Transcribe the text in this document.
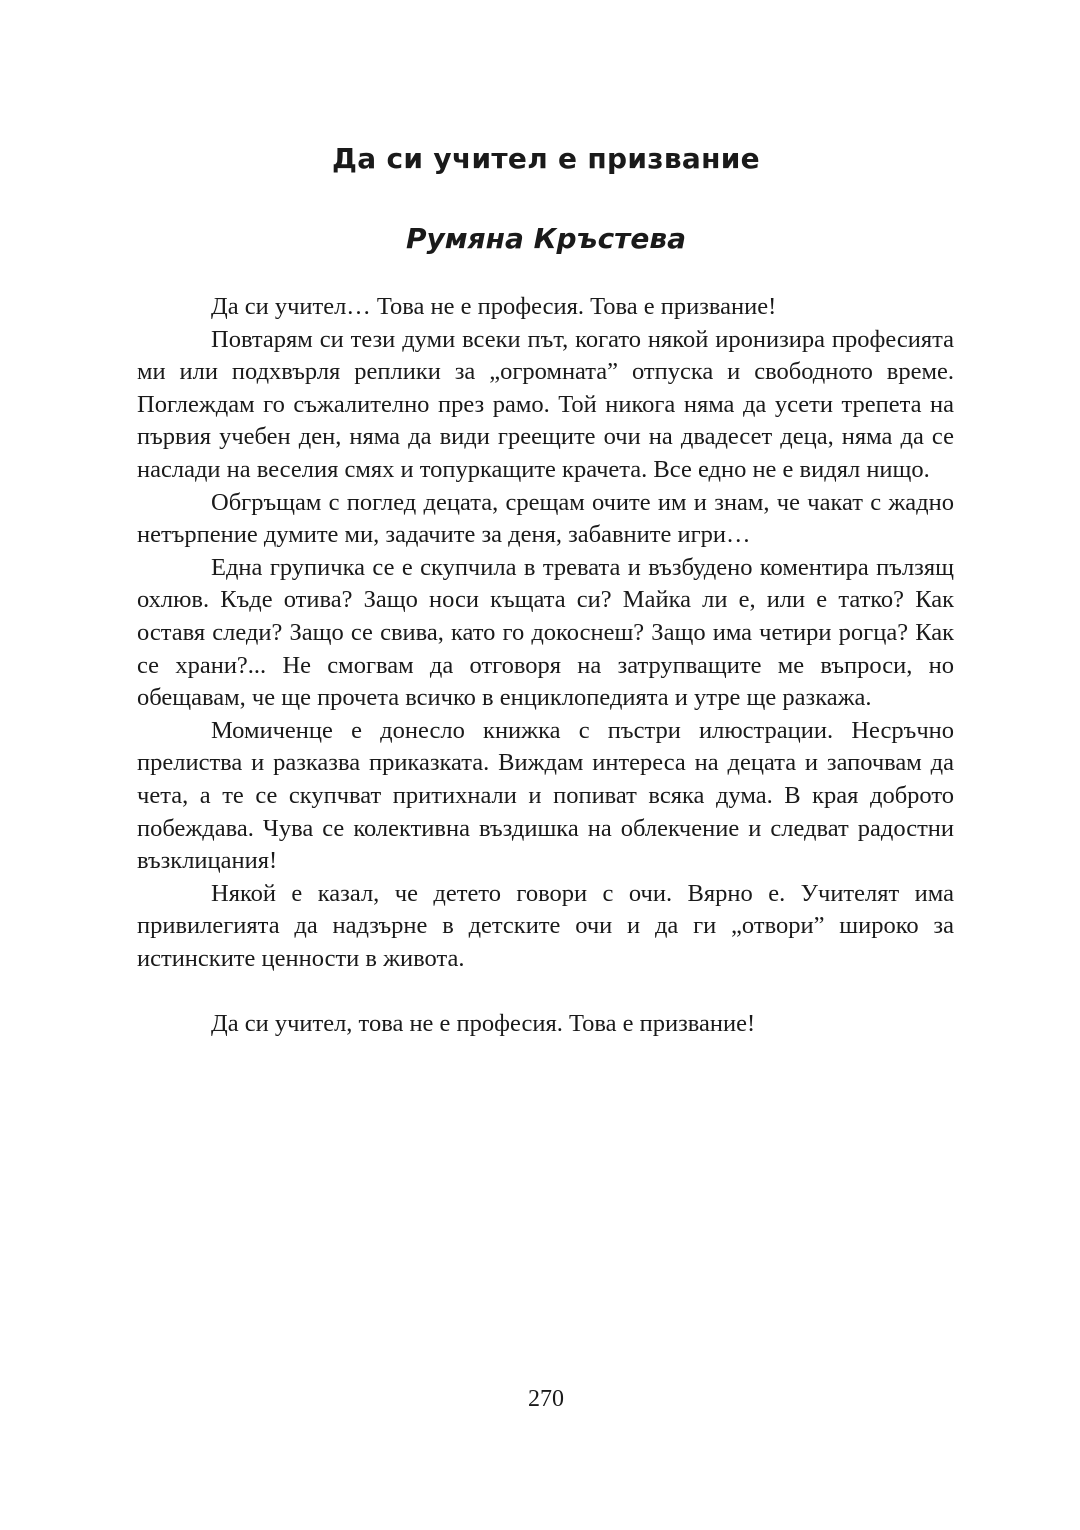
Да си учител е призвание
Румяна Кръстева

Да си учител… Това не е професия. Това е призвание!

Повтарям си тези думи всеки път, когато някой иронизира професията ми или подхвърля реплики за „огромната” отпуска и свободното време. Поглеждам го съжалително през рамо. Той никога няма да усети трепета на първия учебен ден, няма да види грeещите очи на двадесет деца, няма да се наслади на веселия смях и топуркащите крачета. Все едно не е видял нищо.

Обгръщам с поглед децата, срещам очите им и знам, че чакат с жадно нетърпение думите ми, задачите за деня, забавните игри…

Една групичка се е скупчила в тревата и възбудено коментира пълзящ охлюв. Къде отива? Защо носи къщата си? Майка ли е, или е татко? Как оставя следи? Защо се свива, като го докоснеш? Защо има четири рогца? Как се храни?... Не смогвам да отговоря на затрупващите ме въпроси, но обещавам, че ще прочета всичко в енциклопедията и утре ще разкажа.

Момиченце е донесло книжка с пъстри илюстрации. Несръчно прелиства и разказва приказката. Виждам интереса на децата и започвам да чета, а те се скупчват притихнали и попиват всяка дума. В края доброто побеждава. Чува се колективна въздишка на облекчение и следват радостни възклицания!

Някой е казал, че детето говори с очи. Вярно е. Учителят има привилегията да надзърне в детските очи и да ги „отвори” широко за истинските ценности в живота.

Да си учител, това не е професия. Това е призвание!

270
